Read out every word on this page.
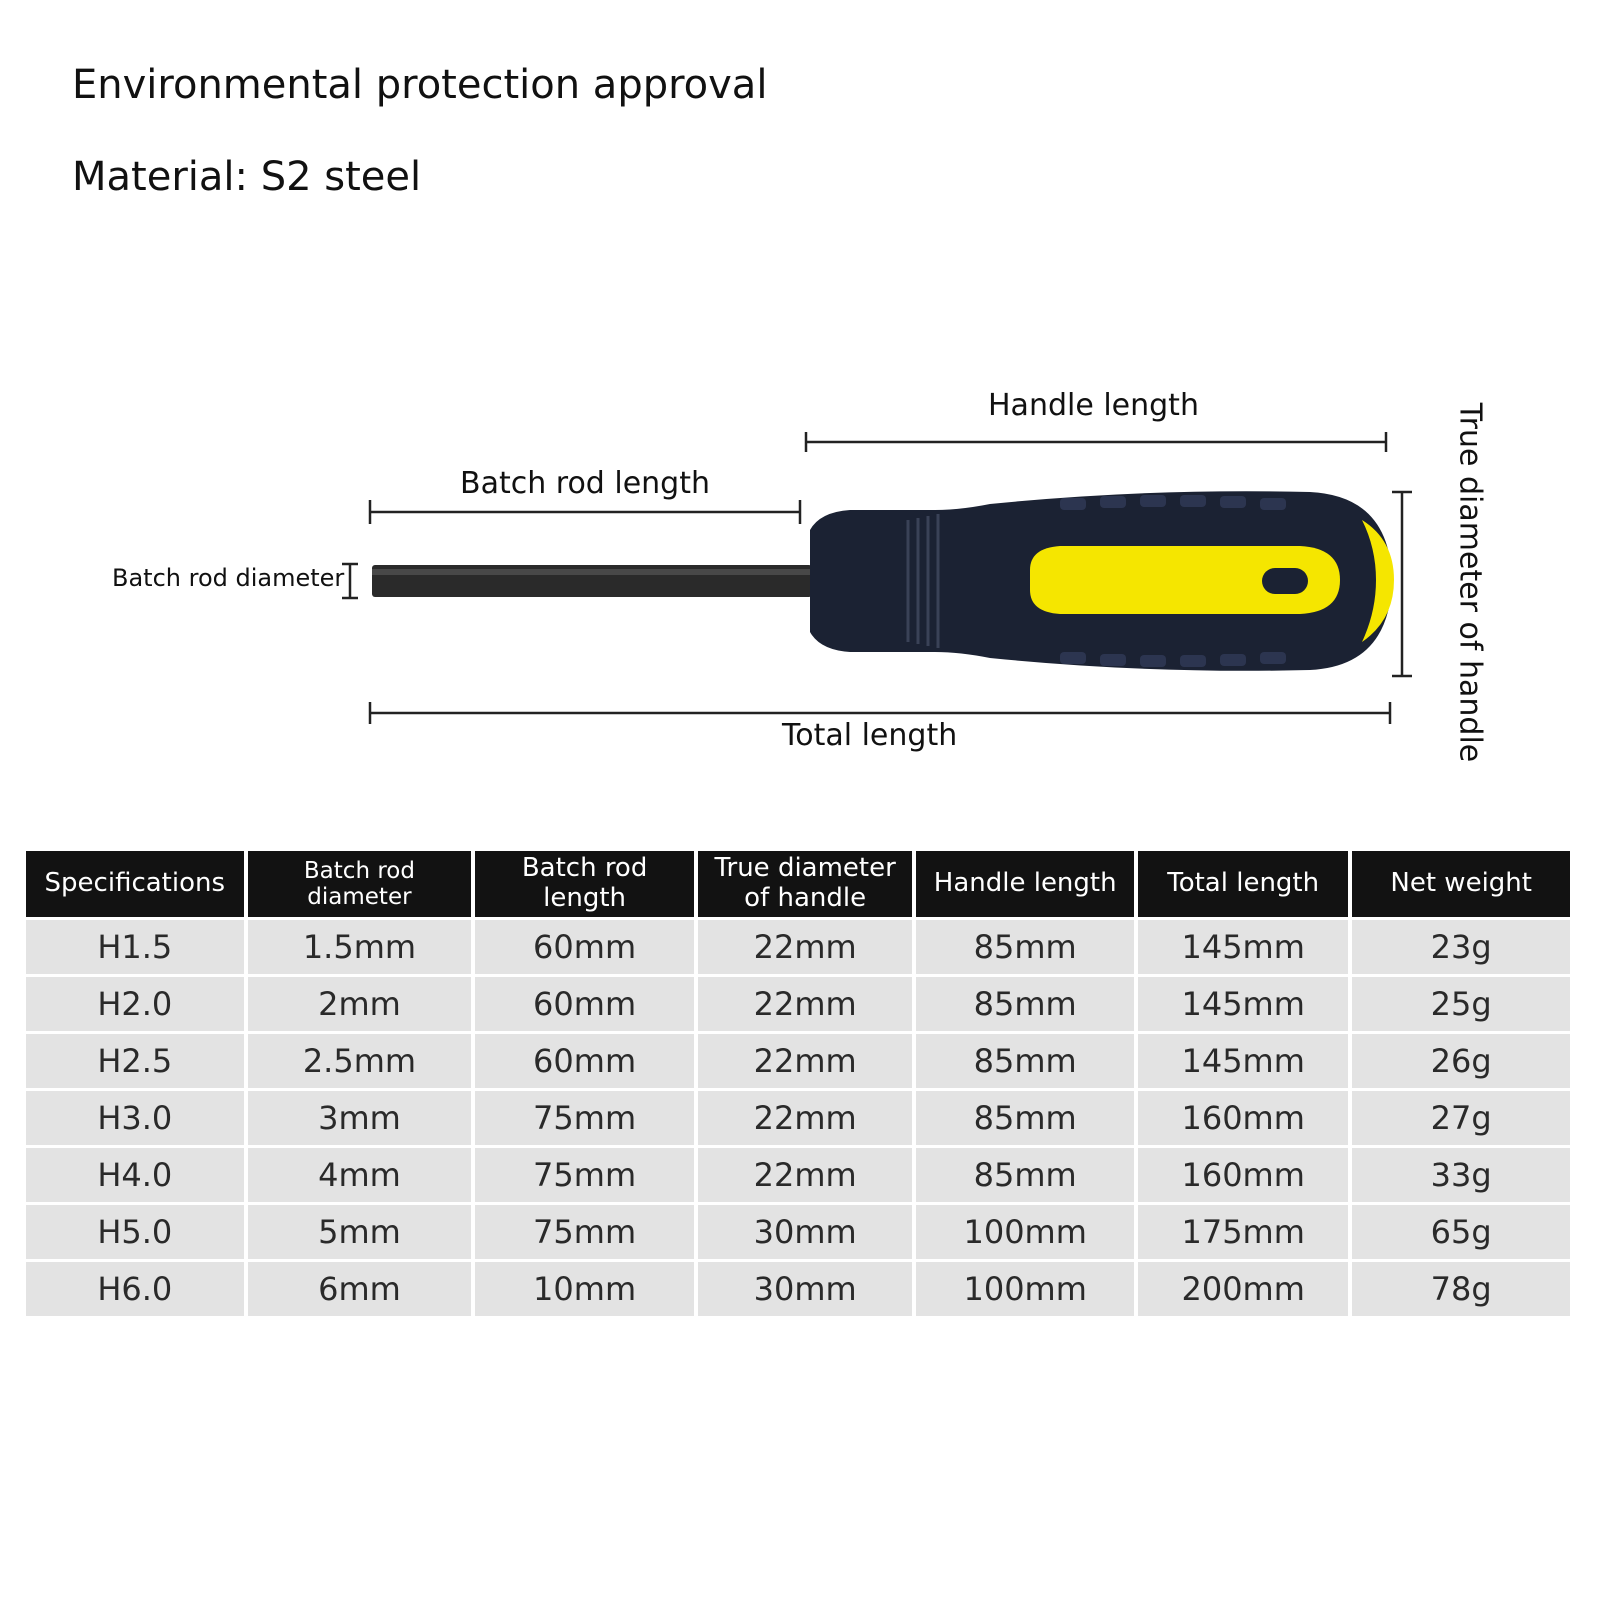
Environmental protection approval
Material: S2 steel
Handle length
Batch rod length
Batch rod diameter
Total length	True diameter of handle
Specifications	Batch rod diameter	Batch rod length	True diameter of handle	Handle length	Total length	Net weight
H1.5	1.5mm	60mm	22mm	85mm	145mm	23g
H2.0	2mm	60mm	22mm	85mm	145mm	25g
H2.5	2.5mm	60mm	22mm	85mm	145mm	26g
H3.0	3mm	75mm	22mm	85mm	160mm	27g
H4.0	4mm	75mm	22mm	85mm	160mm	33g
H5.0	5mm	75mm	30mm	100mm	175mm	65g
H6.0	6mm	10mm	30mm	100mm	200mm	78g
